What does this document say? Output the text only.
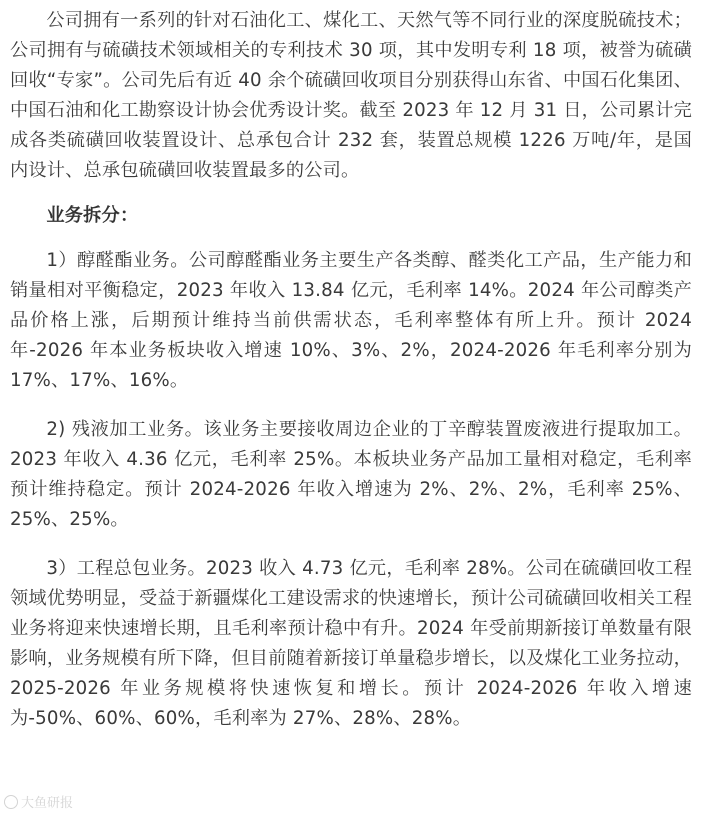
公司拥有一系列的针对石油化工、煤化工、天然气等不同行业的深度脱硫技术；公司拥有与硫磺技术领域相关的专利技术 30 项，其中发明专利 18 项，被誉为硫磺回收“专家”。公司先后有近 40 余个硫磺回收项目分别获得山东省、中国石化集团、中国石油和化工勘察设计协会优秀设计奖。截至 2023 年 12 月 31 日，公司累计完成各类硫磺回收装置设计、总承包合计 232 套，装置总规模 1226 万吨/年，是国内设计、总承包硫磺回收装置最多的公司。

业务拆分：

1）醇醛酯业务。公司醇醛酯业务主要生产各类醇、醛类化工产品，生产能力和销量相对平衡稳定，2023 年收入 13.84 亿元，毛利率 14%。2024 年公司醇类产品价格上涨，后期预计维持当前供需状态，毛利率整体有所上升。预计 2024 年-2026 年本业务板块收入增速 10%、3%、2%，2024-2026 年毛利率分别为 17%、17%、16%。

2) 残液加工业务。该业务主要接收周边企业的丁辛醇装置废液进行提取加工。2023 年收入 4.36 亿元，毛利率 25%。本板块业务产品加工量相对稳定，毛利率预计维持稳定。预计 2024-2026 年收入增速为 2%、2%、2%，毛利率 25%、25%、25%。

3）工程总包业务。2023 收入 4.73 亿元，毛利率 28%。公司在硫磺回收工程领域优势明显，受益于新疆煤化工建设需求的快速增长，预计公司硫磺回收相关工程业务将迎来快速增长期，且毛利率预计稳中有升。2024 年受前期新接订单数量有限影响，业务规模有所下降，但目前随着新接订单量稳步增长，以及煤化工业务拉动，2025-2026 年业务规模将快速恢复和增长。预计 2024-2026 年收入增速为-50%、60%、60%，毛利率为 27%、28%、28%。

大鱼研报
